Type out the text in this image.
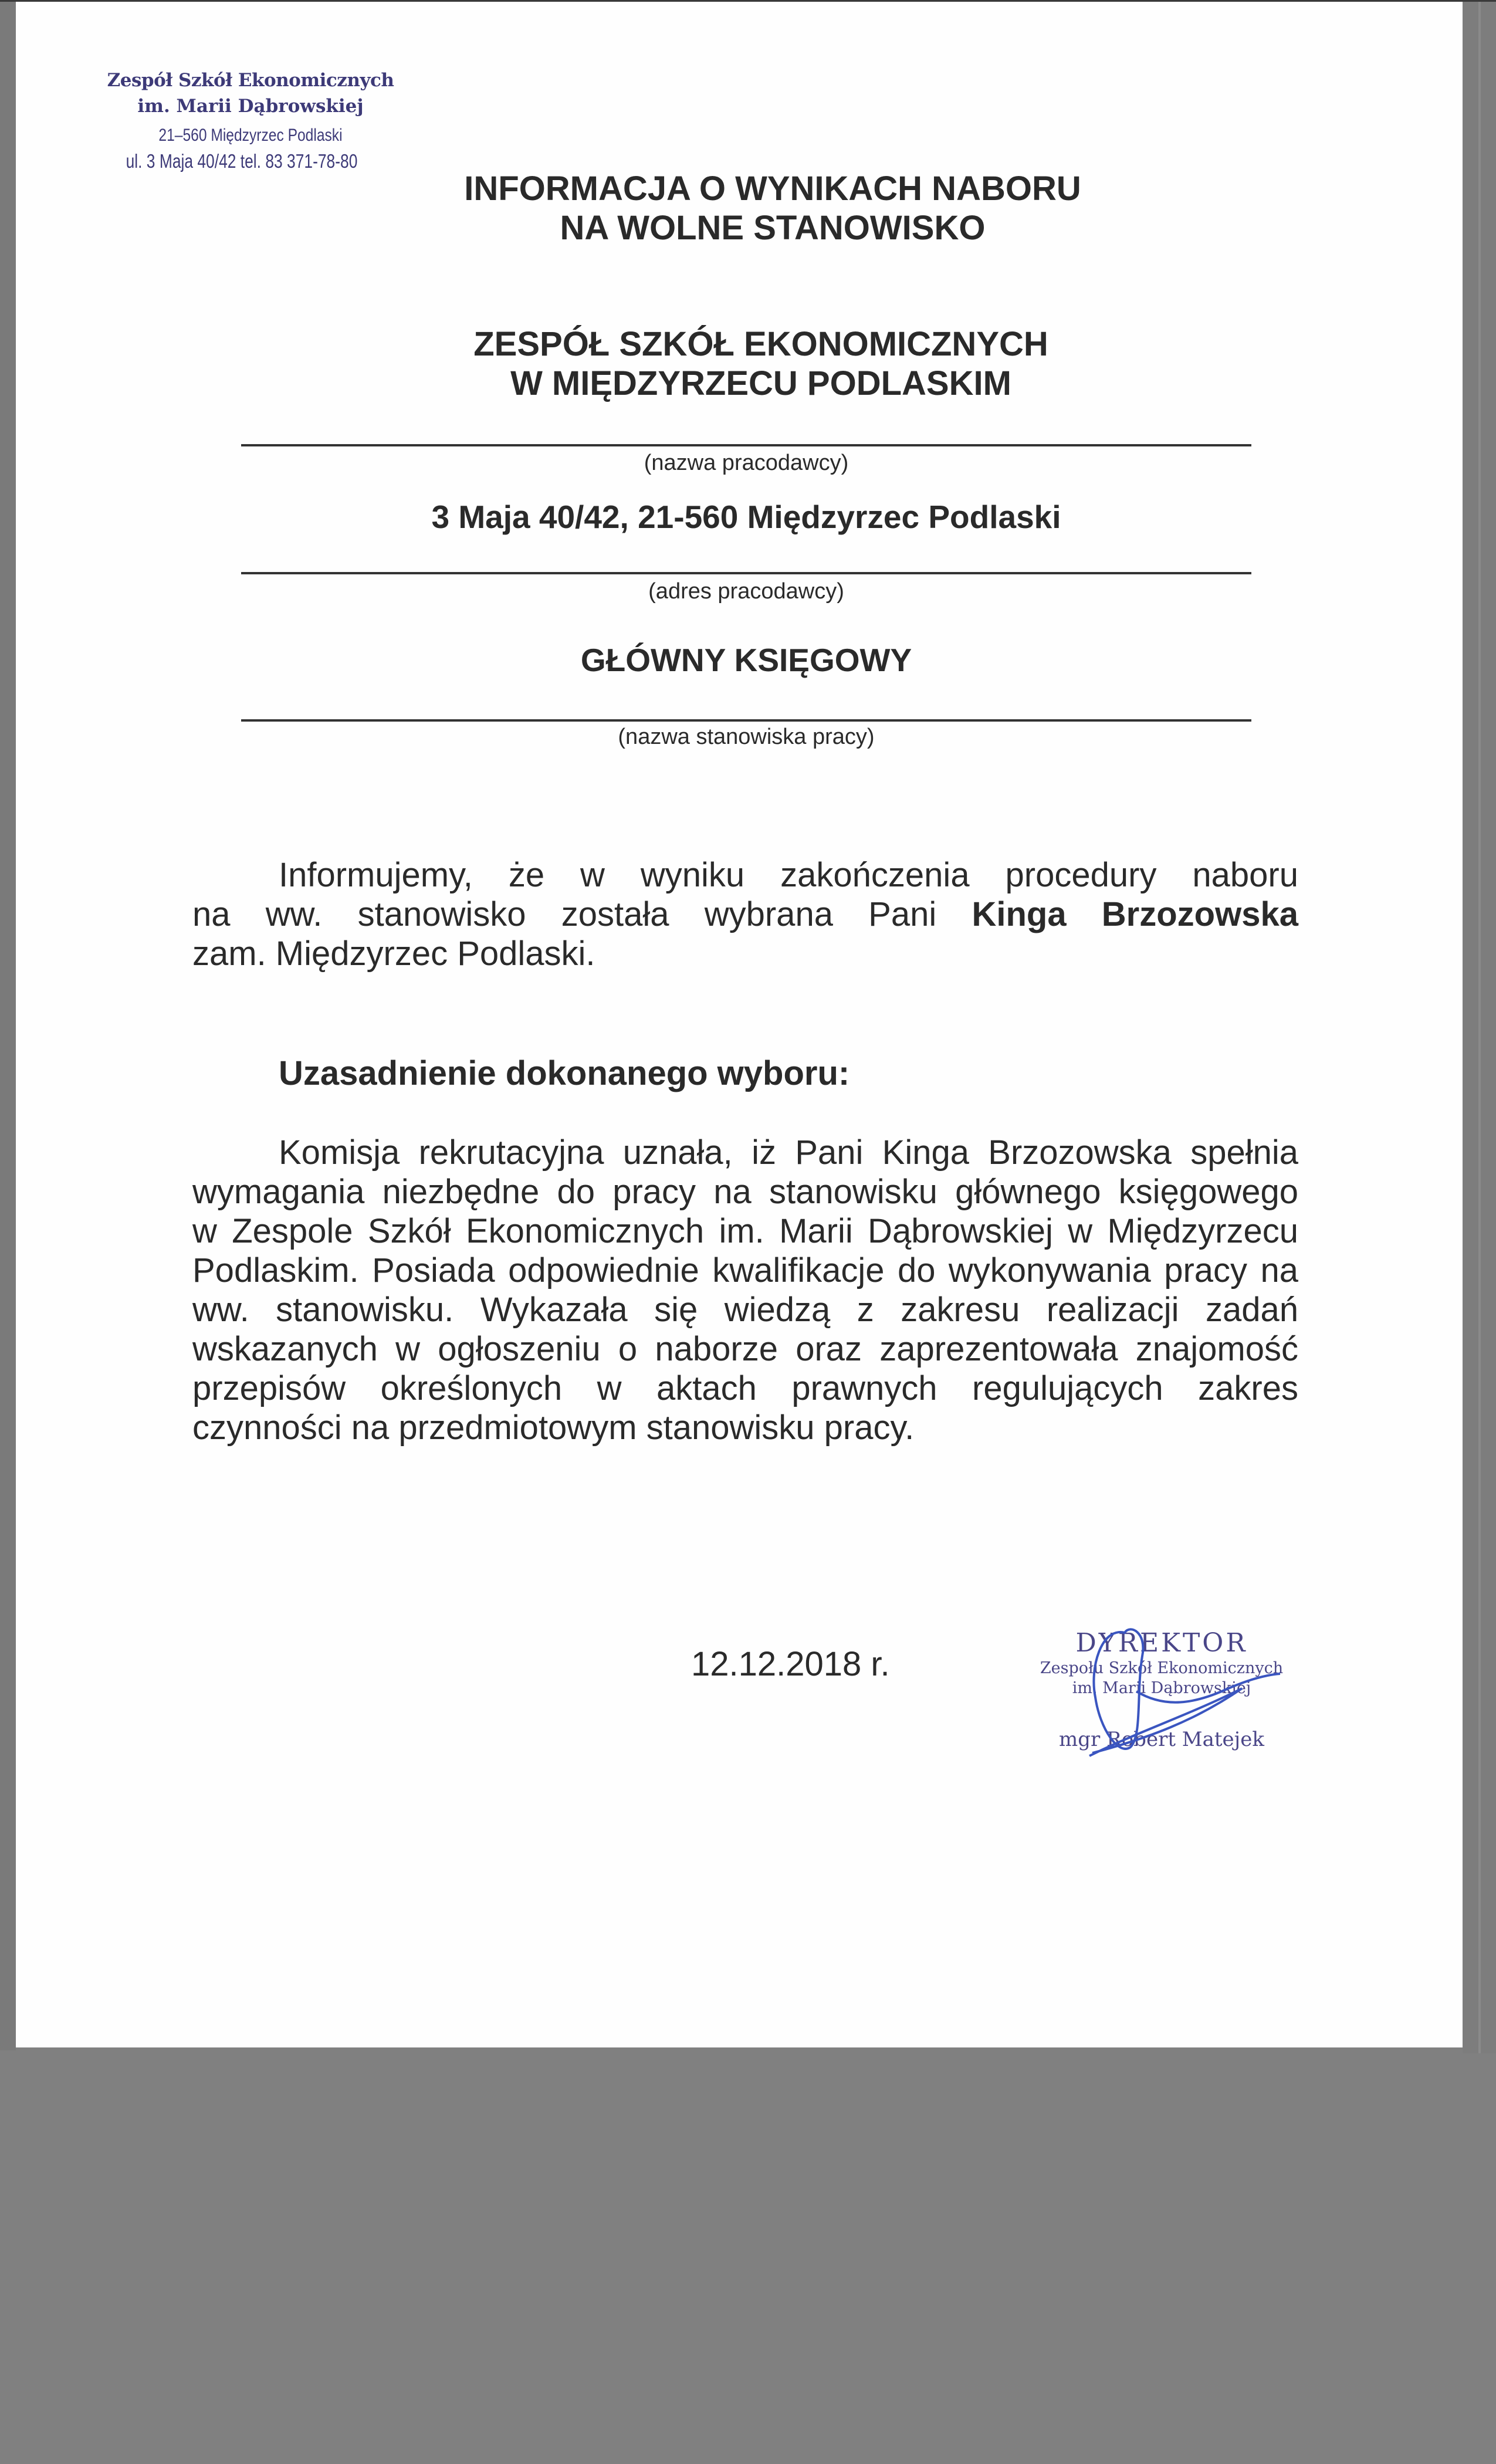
Zespół Szkół Ekonomicznych
im. Marii Dąbrowskiej
21–560 Międzyrzec Podlaski
ul. 3 Maja 40/42 tel. 83 371-78-80
INFORMACJA O WYNIKACH NABORU
NA WOLNE STANOWISKO
ZESPÓŁ SZKÓŁ EKONOMICZNYCH
W MIĘDZYRZECU PODLASKIM
(nazwa pracodawcy)
3 Maja 40/42, 21-560 Międzyrzec Podlaski
(adres pracodawcy)
GŁÓWNY KSIĘGOWY
(nazwa stanowiska pracy)
Informujemy, że w wyniku zakończenia procedury naboru
na ww. stanowisko została wybrana Pani Kinga Brzozowska
zam. Międzyrzec Podlaski.
Uzasadnienie dokonanego wyboru:
Komisja rekrutacyjna uznała, iż Pani Kinga Brzozowska spełnia
wymagania niezbędne do pracy na stanowisku głównego księgowego
w Zespole Szkół Ekonomicznych im. Marii Dąbrowskiej w Międzyrzecu
Podlaskim. Posiada odpowiednie kwalifikacje do wykonywania pracy na
ww. stanowisku. Wykazała się wiedzą z zakresu realizacji zadań
wskazanych w ogłoszeniu o naborze oraz zaprezentowała znajomość
przepisów określonych w aktach prawnych regulujących zakres
czynności na przedmiotowym stanowisku pracy.
12.12.2018 r.
DYREKTOR
Zespołu Szkół Ekonomicznych
im. Marii Dąbrowskiej
mgr Robert Matejek
